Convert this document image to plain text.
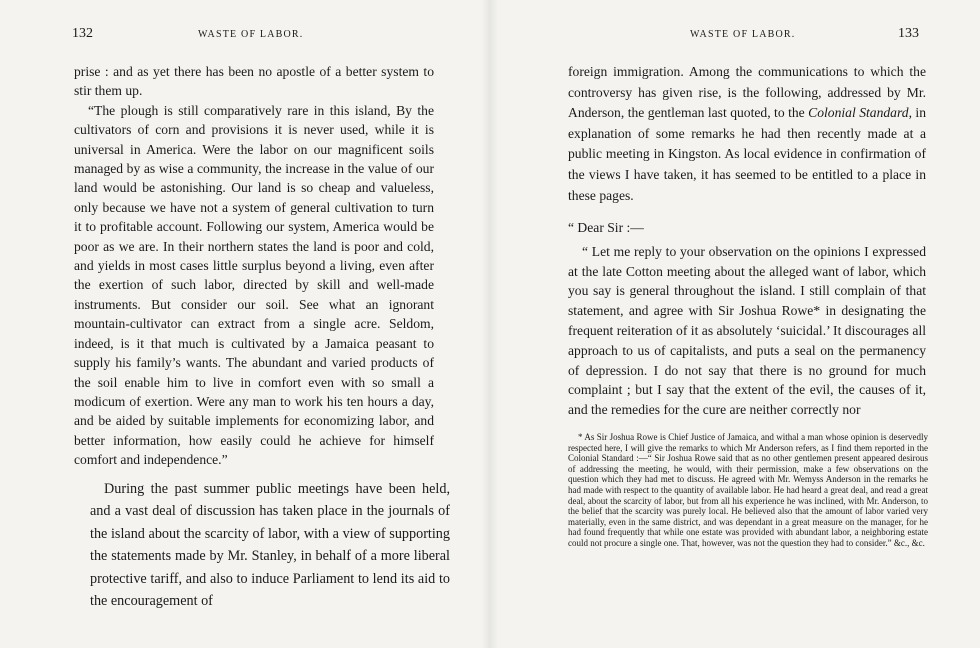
132	WASTE OF LABOR.

prise : and as yet there has been no apostle of a better system to stir them up.

“The plough is still comparatively rare in this island, By the cultivators of corn and provisions it is never used, while it is universal in America. Were the labor on our magnificent soils managed by as wise a community, the increase in the value of our land would be astonishing. Our land is so cheap and valueless, only because we have not a system of general cultivation to turn it to profitable account. Following our system, America would be poor as we are. In their northern states the land is poor and cold, and yields in most cases little surplus beyond a living, even after the exertion of such labor, directed by skill and well-made instruments. But consider our soil. See what an ignorant mountain-cultivator can extract from a single acre. Seldom, indeed, is it that much is cultivated by a Jamaica peasant to supply his family’s wants. The abundant and varied products of the soil enable him to live in comfort even with so small a modicum of exertion. Were any man to work his ten hours a day, and be aided by suitable implements for economizing labor, and better information, how easily could he achieve for himself comfort and independence.”

During the past summer public meetings have been held, and a vast deal of discussion has taken place in the journals of the island about the scarcity of labor, with a view of supporting the statements made by Mr. Stanley, in behalf of a more liberal protective tariff, and also to induce Parliament to lend its aid to the encouragement of

WASTE OF LABOR.	133

foreign immigration. Among the communications to which the controversy has given rise, is the following, addressed by Mr. Anderson, the gentleman last quoted, to the Colonial Standard, in explanation of some remarks he had then recently made at a public meeting in Kingston. As local evidence in confirmation of the views I have taken, it has seemed to be entitled to a place in these pages.

“ Dear Sir :—

“ Let me reply to your observation on the opinions I expressed at the late Cotton meeting about the alleged want of labor, which you say is general throughout the island. I still complain of that statement, and agree with Sir Joshua Rowe* in designating the frequent reiteration of it as absolutely ‘suicidal.’ It discourages all approach to us of capitalists, and puts a seal on the permanency of depression. I do not say that there is no ground for much complaint ; but I say that the extent of the evil, the causes of it, and the remedies for the cure are neither correctly nor

* As Sir Joshua Rowe is Chief Justice of Jamaica, and withal a man whose opinion is deservedly respected here, I will give the remarks to which Mr Anderson refers, as I find them reported in the Colonial Standard :—“ Sir Joshua Rowe said that as no other gentlemen present appeared desirous of addressing the meeting, he would, with their permission, make a few observations on the question which they had met to discuss. He agreed with Mr. Wemyss Anderson in the remarks he had made with respect to the quantity of available labor. He had heard a great deal, and read a great deal, about the scarcity of labor, but from all his experience he was inclined, with Mr. Anderson, to the belief that the scarcity was purely local. He believed also that the amount of labor varied very materially, even in the same district, and was dependant in a great measure on the manager, for he had found frequently that while one estate was provided with abundant labor, a neighboring estate could not procure a single one. That, however, was not the question they had to consider.” &c., &c.
